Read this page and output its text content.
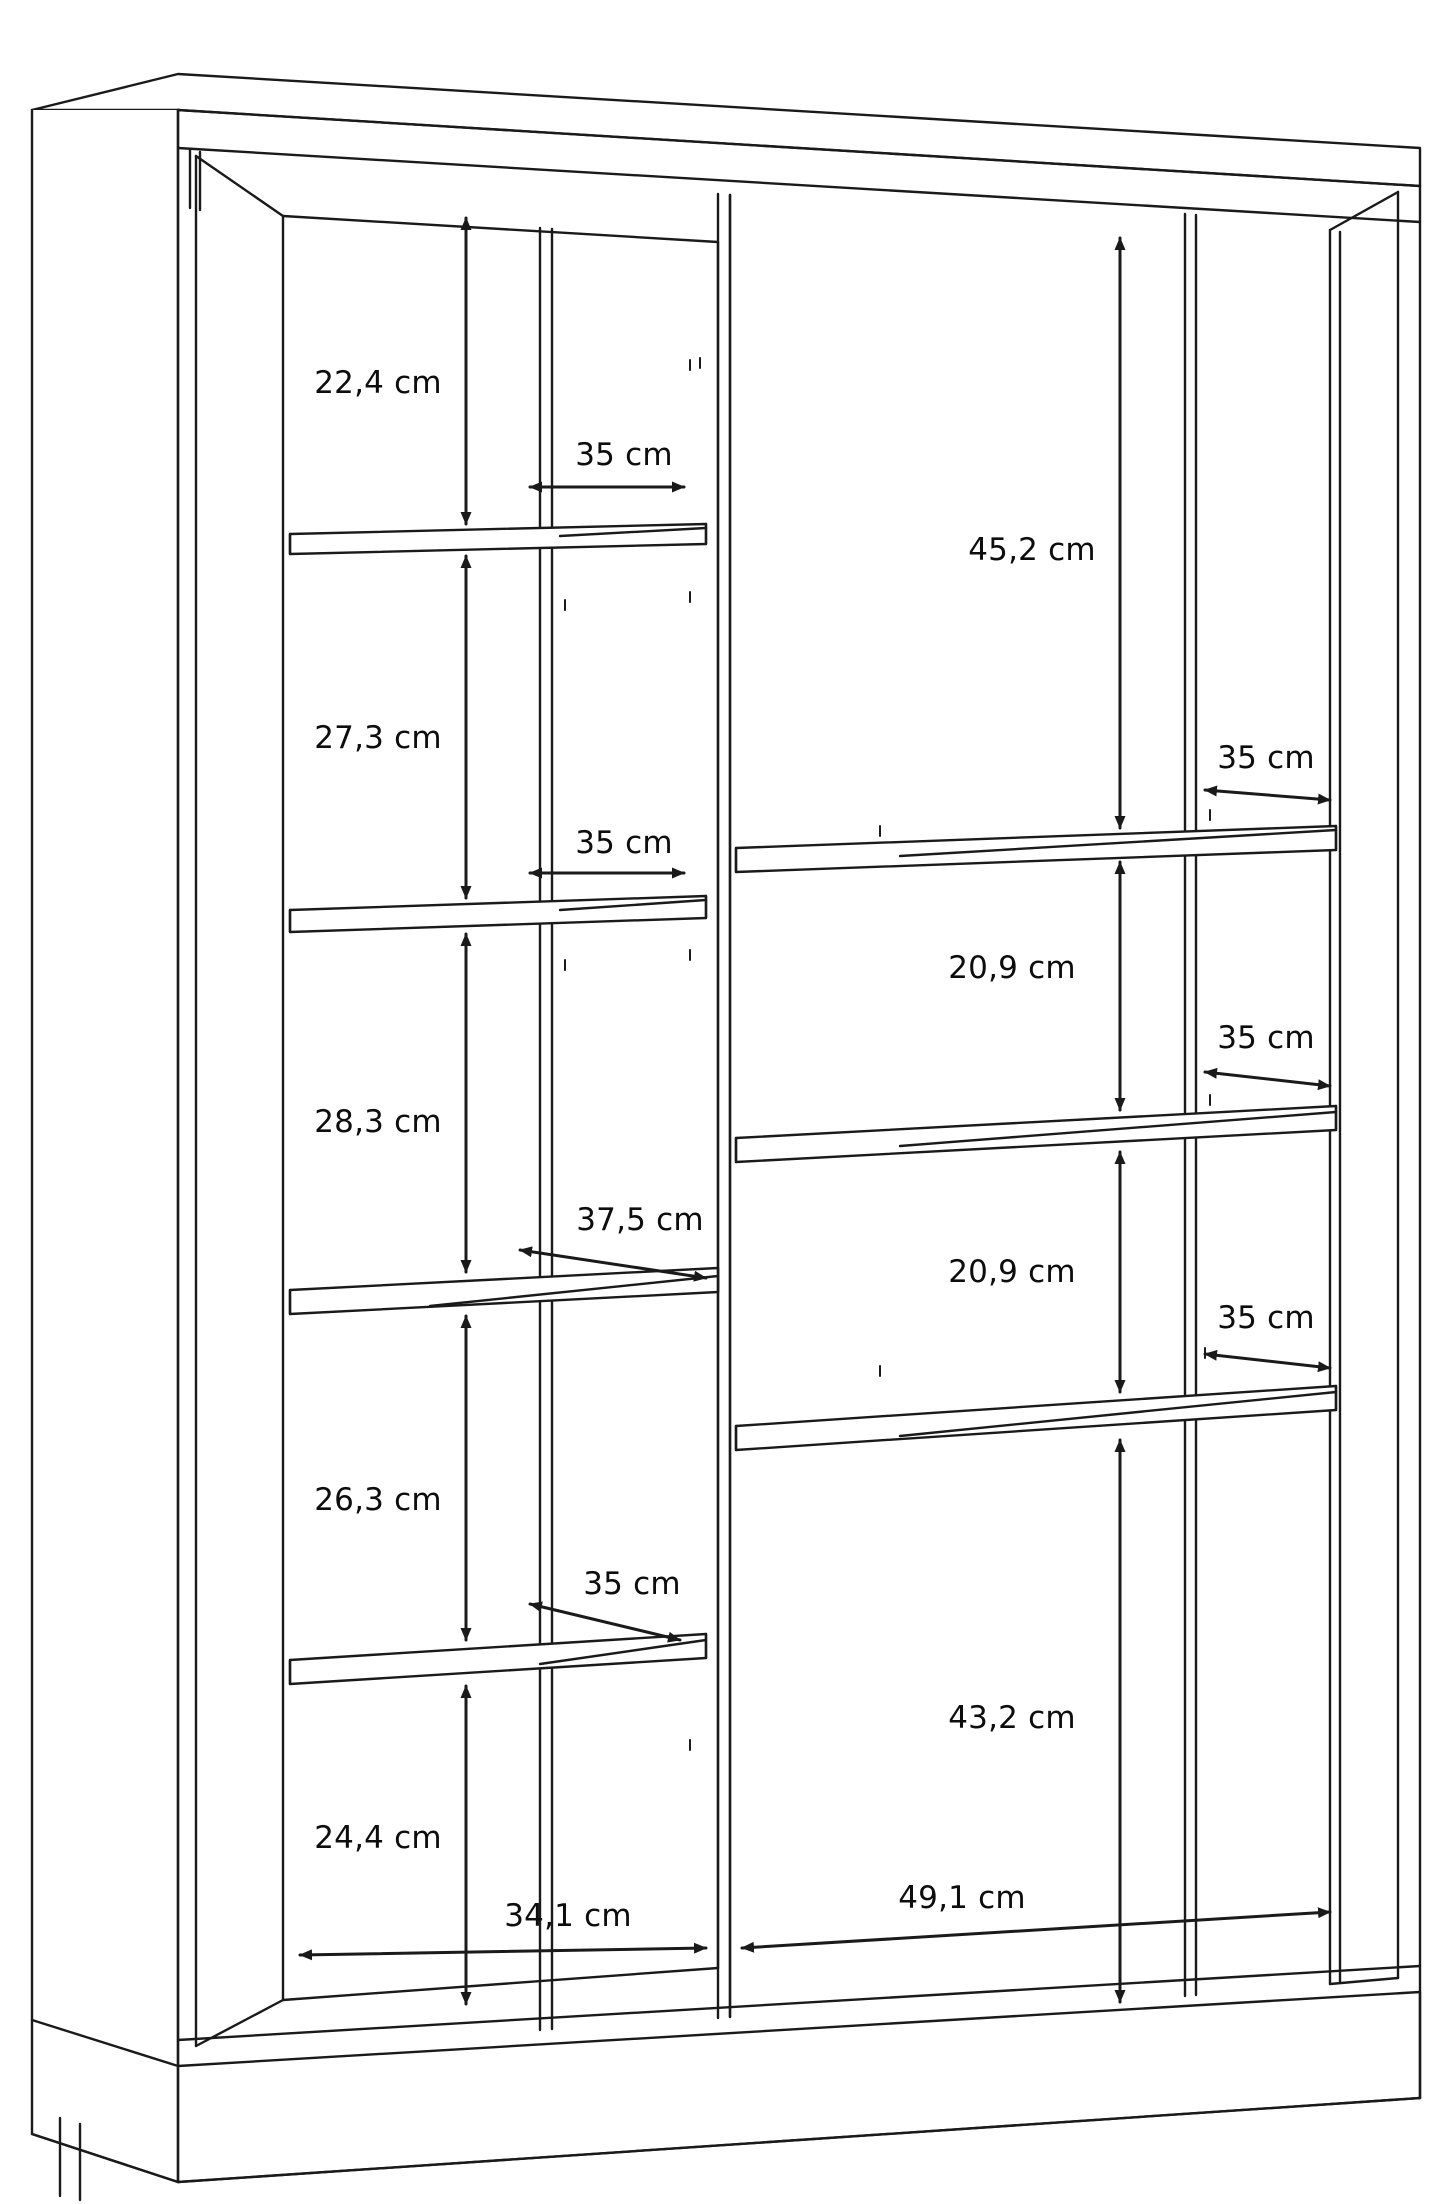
22,4 cm
27,3 cm
28,3 cm
26,3 cm
24,4 cm
35 cm
35 cm
37,5 cm
35 cm
45,2 cm
20,9 cm
20,9 cm
43,2 cm
35 cm
35 cm
35 cm
34,1 cm	49,1 cm
